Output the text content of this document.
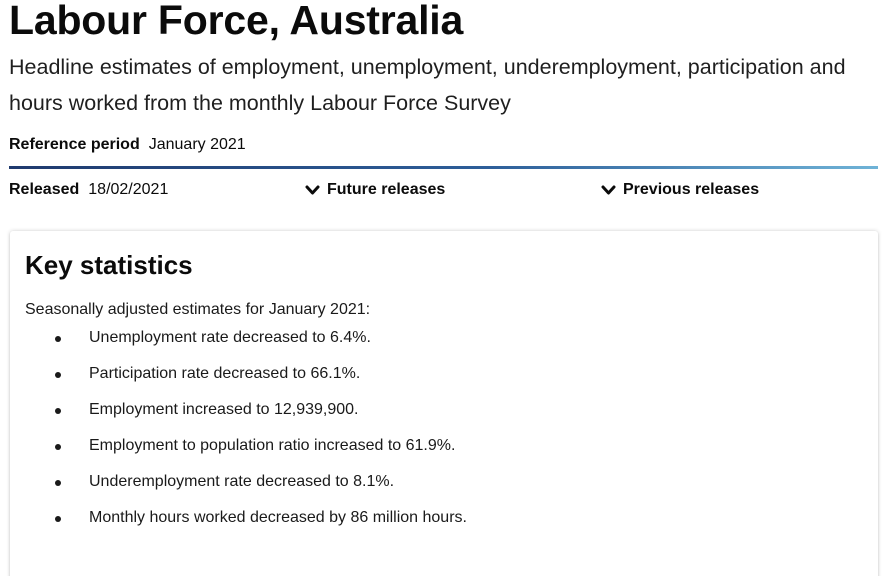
Labour Force, Australia

Headline estimates of employment, unemployment, underemployment, participation and hours worked from the monthly Labour Force Survey

Reference period January 2021
Released 18/02/2021	Future releases	Previous releases
Key statistics
Seasonally adjusted estimates for January 2021:
Unemployment rate decreased to 6.4%.
Participation rate decreased to 66.1%.
Employment increased to 12,939,900.
Employment to population ratio increased to 61.9%.
Underemployment rate decreased to 8.1%.
Monthly hours worked decreased by 86 million hours.
